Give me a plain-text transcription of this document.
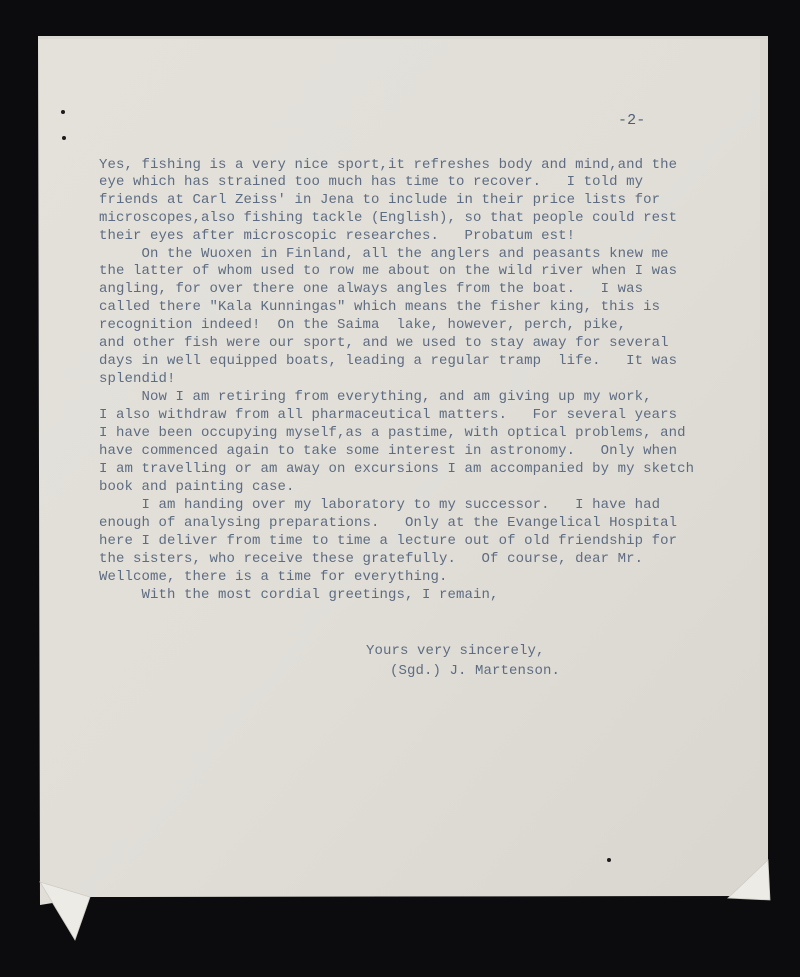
-2-
Yes, fishing is a very nice sport,it refreshes body and mind,and the
eye which has strained too much has time to recover.   I told my
friends at Carl Zeiss' in Jena to include in their price lists for
microscopes,also fishing tackle (English), so that people could rest
their eyes after microscopic researches.   Probatum est!
On the Wuoxen in Finland, all the anglers and peasants knew me
the latter of whom used to row me about on the wild river when I was
angling, for over there one always angles from the boat.   I was
called there "Kala Kunningas" which means the fisher king, this is
recognition indeed!  On the Saima  lake, however, perch, pike,
and other fish were our sport, and we used to stay away for several
days in well equipped boats, leading a regular tramp  life.   It was
splendid!
Now I am retiring from everything, and am giving up my work,
I also withdraw from all pharmaceutical matters.   For several years
I have been occupying myself,as a pastime, with optical problems, and
have commenced again to take some interest in astronomy.   Only when
I am travelling or am away on excursions I am accompanied by my sketch
book and painting case.
I am handing over my laboratory to my successor.   I have had
enough of analysing preparations.   Only at the Evangelical Hospital
here I deliver from time to time a lecture out of old friendship for
the sisters, who receive these gratefully.   Of course, dear Mr.
Wellcome, there is a time for everything.
With the most cordial greetings, I remain,
Yours very sincerely,
(Sgd.) J. Martenson.
